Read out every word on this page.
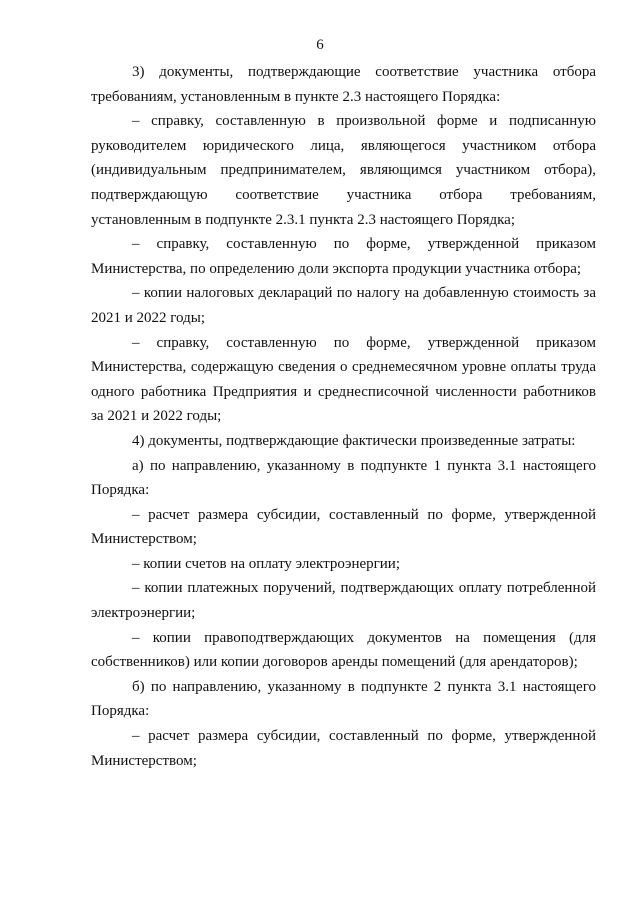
6

3) документы, подтверждающие соответствие участника отбора требованиям, установленным в пункте 2.3 настоящего Порядка:

– справку, составленную в произвольной форме и подписанную руководителем юридического лица, являющегося участником отбора (индивидуальным предпринимателем, являющимся участником отбора), подтверждающую соответствие участника отбора требованиям, установленным в подпункте 2.3.1 пункта 2.3 настоящего Порядка;

– справку, составленную по форме, утвержденной приказом Министерства, по определению доли экспорта продукции участника отбора;

– копии налоговых деклараций по налогу на добавленную стоимость за 2021 и 2022 годы;

– справку, составленную по форме, утвержденной приказом Министерства, содержащую сведения о среднемесячном уровне оплаты труда одного работника Предприятия и среднесписочной численности работников за 2021 и 2022 годы;

4) документы, подтверждающие фактически произведенные затраты:

а) по направлению, указанному в подпункте 1 пункта 3.1 настоящего Порядка:

– расчет размера субсидии, составленный по форме, утвержденной Министерством;

– копии счетов на оплату электроэнергии;

– копии платежных поручений, подтверждающих оплату потребленной электроэнергии;

– копии правоподтверждающих документов на помещения (для собственников) или копии договоров аренды помещений (для арендаторов);

б) по направлению, указанному в подпункте 2 пункта 3.1 настоящего Порядка:

– расчет размера субсидии, составленный по форме, утвержденной Министерством;
